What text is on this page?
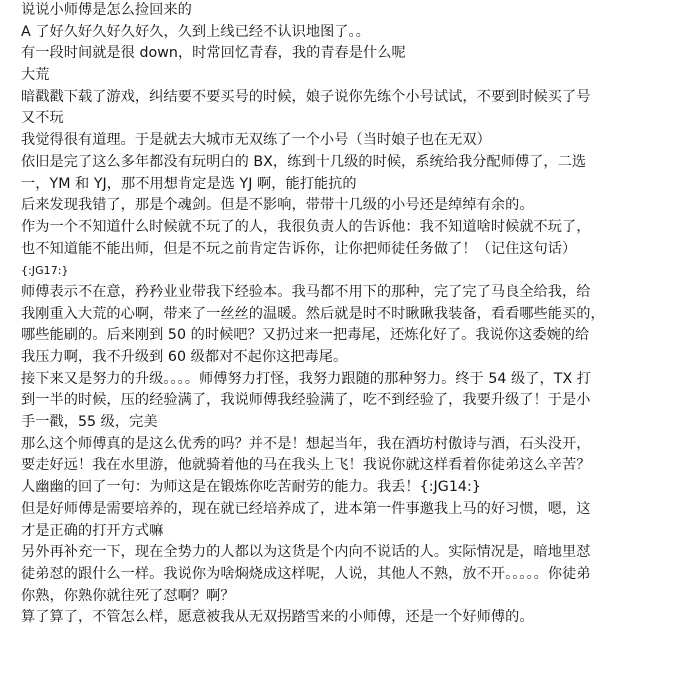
说说小师傅是怎么捡回来的
A 了好久好久好久好久，久到上线已经不认识地图了。。
有一段时间就是很 down，时常回忆青春，我的青春是什么呢
大荒
暗戳戳下载了游戏，纠结要不要买号的时候，娘子说你先练个小号试试，不要到时候买了号
又不玩
我觉得很有道理。于是就去大城市无双练了一个小号（当时娘子也在无双）
依旧是完了这么多年都没有玩明白的 BX，练到十几级的时候，系统给我分配师傅了，二选
一，YM 和 YJ，那不用想肯定是选 YJ 啊，能打能抗的
后来发现我错了，那是个魂剑。但是不影响，带带十几级的小号还是绰绰有余的。
作为一个不知道什么时候就不玩了的人，我很负责人的告诉他：我不知道啥时候就不玩了，
也不知道能不能出师，但是不玩之前肯定告诉你，让你把师徒任务做了！（记住这句话）
{:JG17:}
师傅表示不在意，矜矜业业带我下经验本。我马都不用下的那种，完了完了马良全给我，给
我刚重入大荒的心啊，带来了一丝丝的温暖。然后就是时不时瞅瞅我装备，看看哪些能买的，
哪些能刷的。后来刚到 50 的时候吧？又扔过来一把毒尾，还炼化好了。我说你这委婉的给
我压力啊，我不升级到 60 级都对不起你这把毒尾。
接下来又是努力的升级。。。。师傅努力打怪，我努力跟随的那种努力。终于 54 级了，TX 打
到一半的时候，压的经验满了，我说师傅我经验满了，吃不到经验了，我要升级了！于是小
手一戳，55 级，完美
那么这个师傅真的是这么优秀的吗？并不是！想起当年，我在酒坊村傲诗与酒，石头没开，
要走好远！我在水里游，他就骑着他的马在我头上飞！我说你就这样看着你徒弟这么辛苦？
人幽幽的回了一句：为师这是在锻炼你吃苦耐劳的能力。我丢！{:JG14:}
但是好师傅是需要培养的，现在就已经培养成了，进本第一件事邀我上马的好习惯，嗯，这
才是正确的打开方式嘛
另外再补充一下，现在全势力的人都以为这货是个内向不说话的人。实际情况是，暗地里怼
徒弟怼的跟什么一样。我说你为啥焖烧成这样呢，人说，其他人不熟，放不开。。。。。你徒弟
你熟，你熟你就往死了怼啊？啊？
算了算了，不管怎么样，愿意被我从无双拐踏雪来的小师傅，还是一个好师傅的。
